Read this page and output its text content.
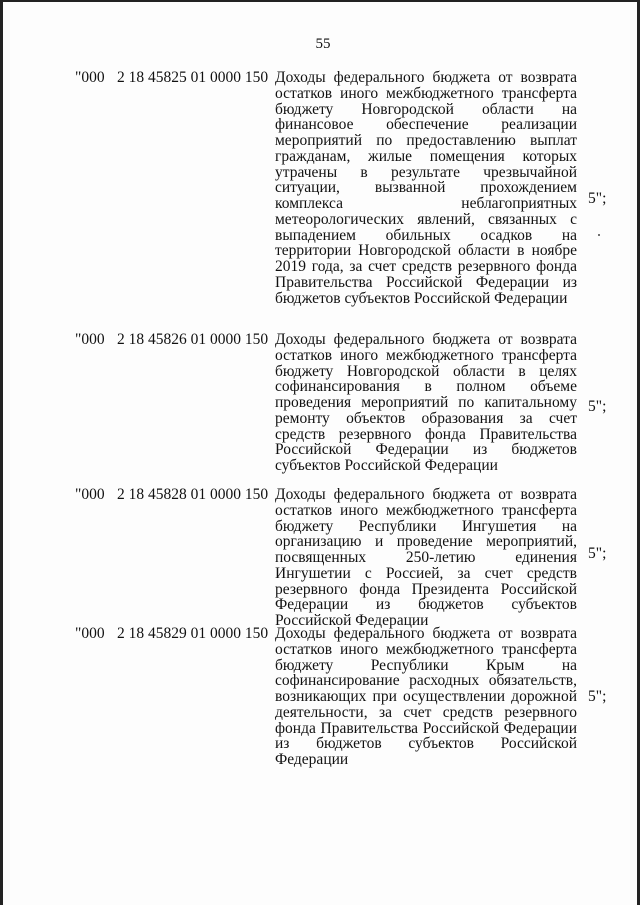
55
"000 2 18 45825 01 0000 150 Доходы федерального бюджета от возврата остатков иного межбюджетного трансферта бюджету Новгородской области на финансовое обеспечение реализации мероприятий по предоставлению выплат гражданам, жилые помещения которых утрачены в результате чрезвычайной ситуации, вызванной прохождением комплекса неблагоприятных метеорологических явлений, связанных с выпадением обильных осадков на территории Новгородской области в ноябре 2019 года, за счет средств резервного фонда Правительства Российской Федерации из бюджетов субъектов Российской Федерации
5";
"000 2 18 45826 01 0000 150 Доходы федерального бюджета от возврата остатков иного межбюджетного трансферта бюджету Новгородской области в целях софинансирования в полном объеме проведения мероприятий по капитальному ремонту объектов образования за счет средств резервного фонда Правительства Российской Федерации из бюджетов субъектов Российской Федерации
5";
"000 2 18 45828 01 0000 150 Доходы федерального бюджета от возврата остатков иного межбюджетного трансферта бюджету Республики Ингушетия на организацию и проведение мероприятий, посвященных 250-летию единения Ингушетии с Россией, за счет средств резервного фонда Президента Российской Федерации из бюджетов субъектов Российской Федерации
5";
"000 2 18 45829 01 0000 150 Доходы федерального бюджета от возврата остатков иного межбюджетного трансферта бюджету Республики Крым на софинансирование расходных обязательств, возникающих при осуществлении дорожной деятельности, за счет средств резервного фонда Правительства Российской Федерации из бюджетов субъектов Российской Федерации
5";
